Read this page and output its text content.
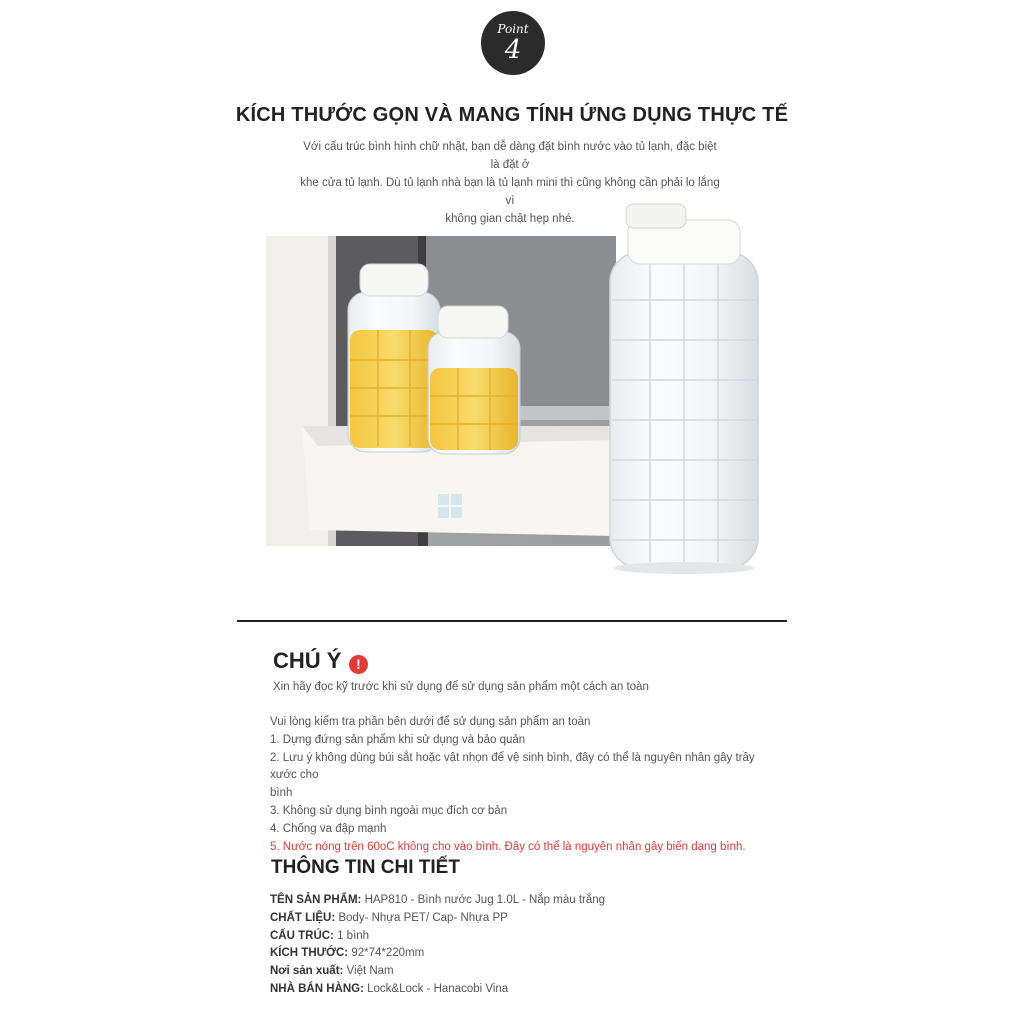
Point
4
KÍCH THƯỚC GỌN VÀ MANG TÍNH ỨNG DỤNG THỰC TẾ
Với cấu trúc bình hình chữ nhật, bạn dễ dàng đặt bình nước vào tủ lạnh, đặc biệt là đặt ở
khe cửa tủ lạnh. Dù tủ lạnh nhà bạn là tủ lạnh mini thì cũng không cần phải lo lắng vì
không gian chật hẹp nhé.
CHÚ Ý	!
Xin hãy đọc kỹ trước khi sử dụng để sử dụng sản phẩm một cách an toàn
Vui lòng kiểm tra phần bên dưới để sử dụng sản phẩm an toàn
1. Dựng đứng sản phẩm khi sử dụng và bảo quản
2. Lưu ý không dùng búi sắt hoặc vật nhọn để vệ sinh bình, đây có thể là nguyên nhân gây trầy xước cho
bình
3. Không sử dụng bình ngoài mục đích cơ bản
4. Chống va đập mạnh
5. Nước nóng trên 60oC không cho vào bình. Đây có thể là nguyên nhân gây biến dạng bình.
THÔNG TIN CHI TIẾT
TÊN SẢN PHẨM: HAP810 - Bình nước Jug 1.0L - Nắp màu trắng
CHẤT LIỆU: Body- Nhựa PET/ Cap- Nhựa PP
CẤU TRÚC: 1 bình
KÍCH THƯỚC: 92*74*220mm
Nơi sản xuất: Việt Nam
NHÀ BÁN HÀNG: Lock&Lock - Hanacobi Vina
